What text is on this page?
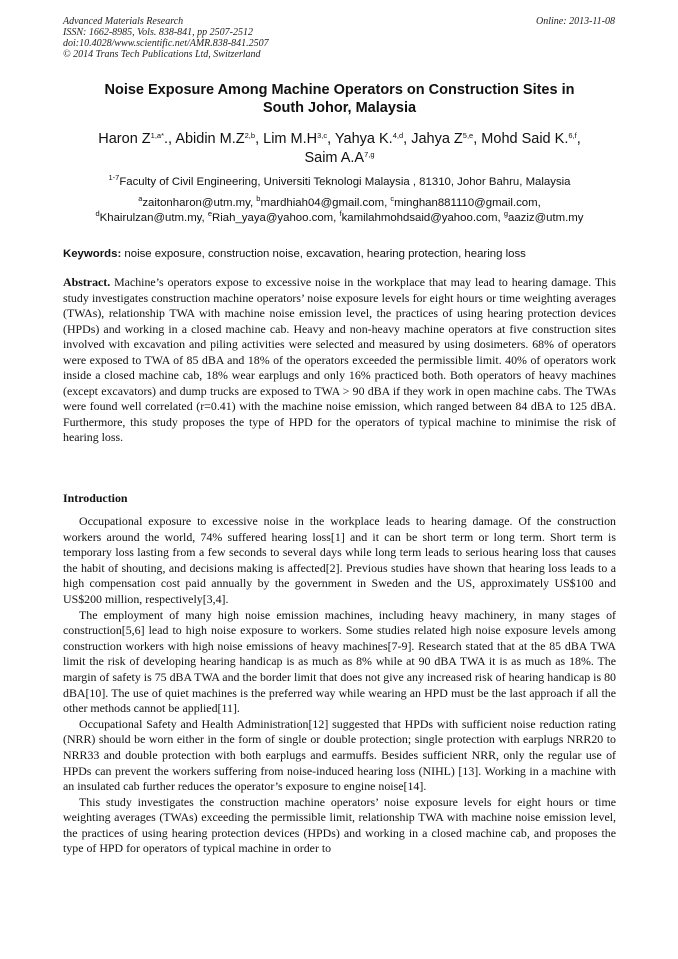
Advanced Materials Research
ISSN: 1662-8985, Vols. 838-841, pp 2507-2512
doi:10.4028/www.scientific.net/AMR.838-841.2507
© 2014 Trans Tech Publications Ltd, Switzerland
Online: 2013-11-08
Noise Exposure Among Machine Operators on Construction Sites in
South Johor, Malaysia
Haron $Z^{1,a*}$., Abidin $M.Z^{2,b}$, Lim $M.H^{3,c}$, Yahya K.$^{4,d}$, Jahya Z$^{5,e}$, Mohd Said K.$^{6,f}$,
Saim $A.A^{7,g}$
$^{1-7}$Faculty of Civil Engineering, Universiti Teknologi Malaysia , 81310, Johor Bahru, Malaysia
$^a$zaitonharon@utm.my, $^b$mardhiah04@gmail.com, $^c$minghan881110@gmail.com,
$^d$Khairulzan@utm.my, $^e$Riah_yaya@yahoo.com, $^f$kamilahmohdsaid@yahoo.com, $^g$aaziz@utm.my
Keywords: noise exposure, construction noise, excavation, hearing protection, hearing loss
Abstract. Machine’s operators expose to excessive noise in the workplace that may lead to hearing damage. This study investigates construction machine operators’ noise exposure levels for eight hours or time weighting averages (TWAs), relationship TWA with machine noise emission level, the practices of using hearing protection devices (HPDs) and working in a closed machine cab. Heavy and non-heavy machine operators at five construction sites involved with excavation and piling activities were selected and measured by using dosimeters. 68% of operators were exposed to TWA of 85 dBA and 18% of the operators exceeded the permissible limit. 40% of operators work inside a closed machine cab, 18% wear earplugs and only 16% practiced both. Both operators of heavy machines (except excavators) and dump trucks are exposed to TWA > 90 dBA if they work in open machine cabs. The TWAs were found well correlated (r=0.41) with the machine noise emission, which ranged between 84 dBA to 125 dBA. Furthermore, this study proposes the type of HPD for the operators of typical machine to minimise the risk of hearing loss.
Introduction

Occupational exposure to excessive noise in the workplace leads to hearing damage. Of the construction workers around the world, 74% suffered hearing loss[1] and it can be short term or long term. Short term is temporary loss lasting from a few seconds to several days while long term leads to serious hearing loss that causes the habit of shouting, and decisions making is affected[2]. Previous studies have shown that hearing loss leads to a high compensation cost paid annually by the government in Sweden and the US, approximately US$100 and US$200 million, respectively[3,4].

The employment of many high noise emission machines, including heavy machinery, in many stages of construction[5,6] lead to high noise exposure to workers. Some studies related high noise exposure levels among construction workers with high noise emissions of heavy machines[7-9]. Research stated that at the 85 dBA TWA limit the risk of developing hearing handicap is as much as 8% while at 90 dBA TWA it is as much as 18%. The margin of safety is 75 dBA TWA and the border limit that does not give any increased risk of hearing handicap is 80 dBA[10]. The use of quiet machines is the preferred way while wearing an HPD must be the last approach if all the other methods cannot be applied[11].

Occupational Safety and Health Administration[12] suggested that HPDs with sufficient noise reduction rating (NRR) should be worn either in the form of single or double protection; single protection with earplugs NRR20 to NRR33 and double protection with both earplugs and earmuffs. Besides sufficient NRR, only the regular use of HPDs can prevent the workers suffering from noise-induced hearing loss (NIHL) [13]. Working in a machine with an insulated cab further reduces the operator’s exposure to engine noise[14].

This study investigates the construction machine operators’ noise exposure levels for eight hours or time weighting averages (TWAs) exceeding the permissible limit, relationship TWA with machine noise emission level, the practices of using hearing protection devices (HPDs) and working in a closed machine cab, and proposes the type of HPD for operators of typical machine in order to
